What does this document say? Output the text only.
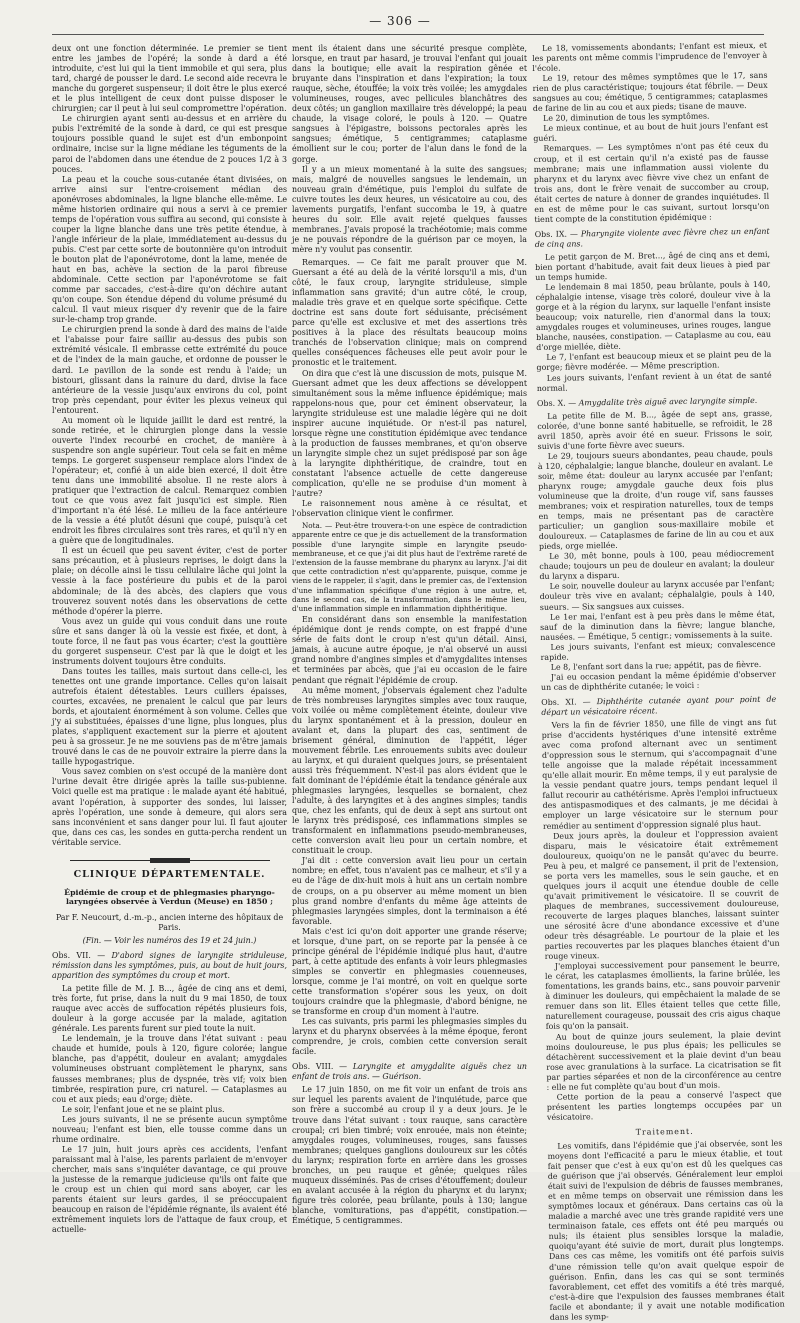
— 306 —

deux ont une fonction déterminée. Le premier se tient entre les jambes de l'opéré; la sonde à dard a été introduite, c'est lui qui la tient immobile et qui sera, plus tard, chargé de pousser le dard. Le second aide recevra le manche du gorgeret suspenseur; il doit être le plus exercé et le plus intelligent de ceux dont puisse disposer le chirurgien; car il peut à lui seul compromettre l'opération.

Le chirurgien ayant senti au-dessus et en arrière du pubis l'extrémité de la sonde à dard, ce qui est presque toujours possible quand le sujet est d'un embonpoint ordinaire, incise sur la ligne médiane les téguments de la paroi de l'abdomen dans une étendue de 2 pouces 1/2 à 3 pouces.

La peau et la couche sous-cutanée étant divisées, on arrive ainsi sur l'entre-croisement médian des aponévroses abdominales, la ligne blanche elle-même. Le même historien ordinaire qui nous a servi à ce premier temps de l'opération vous suffira au second, qui consiste à couper la ligne blanche dans une très petite étendue, à l'angle inférieur de la plaie, immédiatement au-dessus du pubis. C'est par cette sorte de boutonnière qu'on introduit le bouton plat de l'aponévrotome, dont la lame, menée de haut en bas, achève la section de la paroi fibreuse abdominale. Cette section par l'aponévrotome se fait comme par saccades, c'est-à-dire qu'on déchire autant qu'on coupe. Son étendue dépend du volume présumé du calcul. Il vaut mieux risquer d'y revenir que de la faire sur-le-champ trop grande.

Le chirurgien prend la sonde à dard des mains de l'aide et l'abaisse pour faire saillir au-dessus des pubis son extrémité vésicale. Il embrasse cette extrémité du pouce et de l'index de la main gauche, et ordonne de pousser le dard. Le pavillon de la sonde est rendu à l'aide; un bistouri, glissant dans la rainure du dard, divise la face antérieure de la vessie jusqu'aux environs du col, point trop près cependant, pour éviter les plexus veineux qui l'entourent.

Au moment où le liquide jaillit le dard est rentré, la sonde retirée, et le chirurgien plonge dans la vessie ouverte l'index recourbé en crochet, de manière à suspendre son angle supérieur. Tout cela se fait en même temps. Le gorgeret suspenseur remplace alors l'index de l'opérateur; et, confié à un aide bien exercé, il doit être tenu dans une immobilité absolue. Il ne reste alors à pratiquer que l'extraction de calcul. Remarquez combien tout ce que vous avez fait jusqu'ici est simple. Rien d'important n'a été lésé. Le milieu de la face antérieure de la vessie a été plutôt désuni que coupé, puisqu'à cet endroit les fibres circulaires sont très rares, et qu'il n'y en a guère que de longitudinales.

Il est un écueil que peu savent éviter, c'est de porter sans précaution, et à plusieurs reprises, le doigt dans la plaie; on décolle ainsi le tissu cellulaire lâche qui joint la vessie à la face postérieure du pubis et de la paroi abdominale; de là des abcès, des clapiers que vous trouverez souvent notés dans les observations de cette méthode d'opérer la pierre.

Vous avez un guide qui vous conduit dans une route sûre et sans danger là où la vessie est fixée, et dont, à toute force, il ne faut pas vous écarter; c'est la gouttière du gorgeret suspenseur. C'est par là que le doigt et les instruments doivent toujours être conduits.

Dans toutes les tailles, mais surtout dans celle-ci, les tenettes ont une grande importance. Celles qu'on laisait autrefois étaient détestables. Leurs cuillers épaisses, courtes, excavées, ne prenaient le calcul que par leurs bords, et ajoutaient énormément à son volume. Celles que j'y ai substituées, épaisses d'une ligne, plus longues, plus plates, s'appliquent exactement sur la pierre et ajoutent peu à sa grosseur. Je ne me souviens pas de m'être jamais trouvé dans le cas de ne pouvoir extraire la pierre dans la taille hypogastrique.

Vous savez combien on s'est occupé de la manière dont l'urine devait être dirigée après la taille sus-pubienne. Voici quelle est ma pratique : le malade ayant été habitué, avant l'opération, à supporter des sondes, lui laisser, après l'opération, une sonde à demeure, qui alors sera sans inconvénient et sans danger pour lui. Il faut ajouter que, dans ces cas, les sondes en gutta-percha rendent un véritable service.

CLINIQUE DÉPARTEMENTALE.
Épidémie de croup et de phlegmasies pharyngo-laryngées observée à Verdun (Meuse) en 1850 ;
Par F. Neucourt, d.-m.-p., ancien interne des hôpitaux de Paris.
(Fin. — Voir les numéros des 19 et 24 juin.)

Obs. VII. — D'abord signes de laryngite striduleuse, rémission dans les symptômes, puis, au bout de huit jours, apparition des symptômes du croup et mort.

La petite fille de M. J. B..., âgée de cinq ans et demi, très forte, fut prise, dans la nuit du 9 mai 1850, de toux rauque avec accès de suffocation répétés plusieurs fois, douleur à la gorge accusée par la malade, agitation générale. Les parents furent sur pied toute la nuit.

Le lendemain, je la trouve dans l'état suivant : peau chaude et humide, pouls à 120, figure colorée; langue blanche, pas d'appétit, douleur en avalant; amygdales volumineuses obstruant complètement le pharynx, sans fausses membranes; plus de dyspnée, très vif; voix bien timbrée, respiration pure, cri naturel. — Cataplasmes au cou et aux pieds; eau d'orge; diète.

Le soir, l'enfant joue et ne se plaint plus.

Les jours suivants, il ne se présente aucun symptôme nouveau; l'enfant est bien, elle tousse comme dans un rhume ordinaire.

Le 17 juin, huit jours après ces accidents, l'enfant paraissant mal à l'aise, les parents parlaient de m'envoyer chercher, mais sans s'inquiéter davantage, ce qui prouve la justesse de la remarque judicieuse qu'ils ont faite que le croup est un chien qui mord sans aboyer, car les parents étaient sur leurs gardes, il se préoccupaient beaucoup en raison de l'épidémie régnante, ils avaient été extrêmement inquiets lors de l'attaque de faux croup, et actuelle-

ment ils étaient dans une sécurité presque complète, lorsque, en traut par hasard, je trouvai l'enfant qui jouait dans la boutique; elle avait la respiration gênée et bruyante dans l'inspiration et dans l'expiration; la toux rauque, sèche, étouffée; la voix très voilée; les amygdales volumineuses, rouges, avec pellicules blanchâtres des deux côtés; un ganglion maxillaire très développé; la peau chaude, la visage coloré, le pouls à 120. — Quatre sangsues à l'épigastre, boissons pectorales après les sangsues; émétique, 5 centigrammes; cataplasme émollient sur le cou; porter de l'alun dans le fond de la gorge.

Il y a un mieux momentané à la suite des sangsues; mais, malgré de nouvelles sangsues le lendemain, un nouveau grain d'émétique, puis l'emploi du sulfate de cuivre toutes les deux heures, un vésicatoire au cou, des lavements purgatifs, l'enfant succomba le 19, à quatre heures du soir. Elle avait rejeté quelques fausses membranes. J'avais proposé la trachéotomie; mais comme je ne pouvais répondre de la guérison par ce moyen, la mère n'y voulut pas consentir.

Remarques. — Ce fait me paraît prouver que M. Guersant a été au delà de la vérité lorsqu'il a mis, d'un côté, le faux croup, laryngite striduleuse, simple inflammation sans gravité; d'un autre côté, le croup, maladie très grave et en quelque sorte spécifique. Cette doctrine est sans doute fort séduisante, précisément parce qu'elle est exclusive et met des assertions très positives à la place des résultats beaucoup moins tranchés de l'observation clinique; mais on comprend quelles conséquences fâcheuses elle peut avoir pour le pronostic et le traitement.

On dira que c'est là une discussion de mots, puisque M. Guersant admet que les deux affections se développent simultanément sous la même influence épidémique; mais rappelons-nous que, pour cet éminent observateur, la laryngite striduleuse est une maladie légère qui ne doit inspirer aucune inquiétude. Or n'est-il pas naturel, lorsque règne une constitution épidémique avec tendance à la production de fausses membranes, et qu'on observe un laryngite simple chez un sujet prédisposé par son âge à la laryngite diphthéritique, de craindre, tout en constatant l'absence actuelle de cette dangereuse complication, qu'elle ne se produise d'un moment à l'autre?

Le raisonnement nous amène à ce résultat, et l'observation clinique vient le confirmer.

Nota. — Peut-être trouvera-t-on une espèce de contradiction apparente entre ce que je dis actuellement de la transformation possible d'une laryngite simple en laryngite pseudo-membraneuse, et ce que j'ai dit plus haut de l'extrême rareté de l'extension de la fausse membrane du pharynx au larynx. J'ai dit que cette contradiction n'est qu'apparente, puisque, comme je viens de le rappeler, il s'agit, dans le premier cas, de l'extension d'une inflammation spécifique d'une région à une autre, et, dans le second cas, de la transformation, dans le même lieu, d'une inflammation simple en inflammation diphthéritique.

En considérant dans son ensemble la manifestation épidémique dont je rends compte, on est frappé d'une série de faits dont le croup n'est qu'un détail. Ainsi, jamais, à aucune autre époque, je n'ai observé un aussi grand nombre d'angines simples et d'amygdalites intenses et terminées par abcès, que j'ai eu occasion de le faire pendant que régnait l'épidémie de croup.

Au même moment, j'observais également chez l'adulte de très nombreuses laryngites simples avec toux rauque, voix voilée ou même complètement éteinte, douleur vive du larynx spontanément et à la pression, douleur en avalant et, dans la plupart des cas, sentiment de brisement général, diminution de l'appétit, léger mouvement fébrile. Les enrouements subits avec douleur au larynx, et qui duraient quelques jours, se présentaient aussi très fréquemment. N'est-il pas alors évident que le fait dominant de l'épidémie était la tendance générale aux phlegmasies laryngées, lesquelles se bornaient, chez l'adulte, à des laryngites et à des angines simples; tandis que, chez les enfants, qui de deux à sept ans surtout ont le larynx très prédisposé, ces inflammations simples se transformaient en inflammations pseudo-membraneuses, cette conversion avait lieu pour un certain nombre, et constituait le croup.

J'ai dit : cette conversion avait lieu pour un certain nombre; en effet, tous n'avaient pas ce malheur, et s'il y a eu de l'âge de dix-huit mois à huit ans un certain nombre de croups, on a pu observer au même moment un bien plus grand nombre d'enfants du même âge atteints de phlegmasies laryngées simples, dont la terminaison a été favorable.

Mais c'est ici qu'on doit apporter une grande réserve; et lorsque, d'une part, on se reporte par la pensée à ce principe général de l'épidémie indiqué plus haut, d'autre part, à cette aptitude des enfants à voir leurs phlegmasies simples se convertir en phlegmasies couenneuses, lorsque, comme je l'ai montré, on voit en quelque sorte cette transformation s'opérer sous les yeux, on doit toujours craindre que la phlegmasie, d'abord bénigne, ne se transforme en croup d'un moment à l'autre.

Les cas suivants, pris parmi les phlegmasies simples du larynx et du pharynx observées à la même époque, feront comprendre, je crois, combien cette conversion serait facile.

Obs. VIII. — Laryngite et amygdalite aiguës chez un enfant de trois ans. — Guérison.

Le 17 juin 1850, on me fit voir un enfant de trois ans sur lequel les parents avaient de l'inquiétude, parce que son frère a succombé au croup il y a deux jours. Je le trouve dans l'état suivant : toux rauque, sans caractère croupal; cri bien timbré; voix enrouée, mais non éteinte; amygdales rouges, volumineuses, rouges, sans fausses membranes; quelques ganglions douloureux sur les côtés du larynx; respiration forte en arrière dans les grosses bronches, un peu rauque et gênée; quelques râles muqueux disséminés. Pas de crises d'étouffement; douleur en avalant accusée à la région du pharynx et du larynx; figure très colorée, peau brûlante, pouls à 130; langue blanche, vomiturations, pas d'appétit, constipation.— Émétique, 5 centigrammes.

Le 18, vomissements abondants; l'enfant est mieux, et les parents ont même commis l'imprudence de l'envoyer à l'école.

Le 19, retour des mêmes symptômes que le 17, sans rien de plus caractéristique; toujours état fébrile. — Deux sangsues au cou; émétique, 5 centigrammes; cataplasmes de farine de lin au cou et aux pieds; tisane de mauve.

Le 20, diminution de tous les symptômes.

Le mieux continue, et au bout de huit jours l'enfant est guéri.

Remarques. — Les symptômes n'ont pas été ceux du croup, et il est certain qu'il n'a existé pas de fausse membrane; mais une inflammation aussi violente du pharynx et du larynx avec fièvre vive chez un enfant de trois ans, dont le frère venait de succomber au croup, était certes de nature à donner de grandes inquiétudes. Il en est de même pour le cas suivant, surtout lorsqu'on tient compte de la constitution épidémique :

Obs. IX. — Pharyngite violente avec fièvre chez un enfant de cinq ans.

Le petit garçon de M. Bret..., âgé de cinq ans et demi, bien portant d'habitude, avait fait deux lieues à pied par un temps humide.

Le lendemain 8 mai 1850, peau brûlante, pouls à 140, céphalalgie intense, visage très coloré, douleur vive à la gorge et à la région du larynx, sur laquelle l'enfant insiste beaucoup; voix naturelle, rien d'anormal dans la toux; amygdales rouges et volumineuses, urines rouges, langue blanche, nausées, constipation. — Cataplasme au cou, eau d'orge miellée, diète.

Le 7, l'enfant est beaucoup mieux et se plaint peu de la gorge; fièvre modérée. — Même prescription.

Les jours suivants, l'enfant revient à un état de santé normal.

Obs. X. — Amygdalite très aiguë avec laryngite simple.

La petite fille de M. B..., âgée de sept ans, grasse, colorée, d'une bonne santé habituelle, se refroidit, le 28 avril 1850, après avoir été en sueur. Frissons le soir, suivis d'une forte fièvre avec sueurs.

Le 29, toujours sueurs abondantes, peau chaude, pouls à 120, céphalalgie; langue blanche, douleur en avalant. Le soir, même état: douleur au larynx accusée par l'enfant; pharynx rouge; amygdale gauche deux fois plus volumineuse que la droite, d'un rouge vif, sans fausses membranes; voix et respiration naturelles, toux de temps en temps, mais ne présentant pas de caractère particulier; un ganglion sous-maxillaire mobile et douloureux. — Cataplasmes de farine de lin au cou et aux pieds, orge miellée.

Le 30, mêt bonne, pouls à 100, peau médiocrement chaude; toujours un peu de douleur en avalant; la douleur du larynx a disparu.

Le soir, nouvelle douleur au larynx accusée par l'enfant; douleur très vive en avalant; céphalalgie, pouls à 140, sueurs. — Six sangsues aux cuisses.

Le 1er mai, l'enfant est à peu près dans le même état, sauf de la diminution dans la fièvre; langue blanche, nausées. — Émétique, 5 centigr.; vomissements à la suite.

Les jours suivants, l'enfant est mieux; convalescence rapide.

Le 8, l'enfant sort dans la rue; appétit, pas de fièvre.

J'ai eu occasion pendant la même épidémie d'observer un cas de diphthérite cutanée; le voici :

Obs. XI. — Diphthérite cutanée ayant pour point de départ un vésicatoire récent.

Vers la fin de février 1850, une fille de vingt ans fut prise d'accidents hystériques d'une intensité extrême avec coma profond alternant avec un sentiment d'oppression sous le sternum, qui s'accompagnait d'une telle angoisse que la malade répétait incessamment qu'elle allait mourir. En même temps, il y eut paralysie de la vessie pendant quatre jours, temps pendant lequel il fallut recourir au cathétérisme. Après l'emploi infructueux des antispasmodiques et des calmants, je me décidai à employer un large vésicatoire sur le sternum pour remédier au sentiment d'oppression signalé plus haut.

Deux jours après, la douleur et l'oppression avaient disparu, mais le vésicatoire était extrêmement douloureux, quoiqu'on ne le pansât qu'avec du beurre. Peu à peu, et malgré ce pansement, il prit de l'extension, se porta vers les mamelles, sous le sein gauche, et en quelques jours il acquit une étendue double de celle qu'avait primitivement le vésicatoire. Il se couvrit de plaques de membranes, successivement douloureuse, recouverte de larges plaques blanches, laissant suinter une sérosité âcre d'une abondance excessive et d'une odeur très désagréable. Le pourtour de la plaie et les parties recouvertes par les plaques blanches étaient d'un rouge vineux.

J'employai successivement pour pansement le beurre, le cérat, les cataplasmes émollients, la farine brûlée, les fomentations, les grands bains, etc., sans pouvoir parvenir à diminuer les douleurs, qui empêchaient la malade de se remuer dans son lit. Elles étaient telles que cette fille, naturellement courageuse, poussait des cris aigus chaque fois qu'on la pansait.

Au bout de quinze jours seulement, la plaie devint moins douloureuse, le pus plus épais; les pellicules se détachèrent successivement et la plaie devint d'un beau rose avec granulations à la surface. La cicatrisation se fit par parties séparées et non de la circonférence au centre : elle ne fut complète qu'au bout d'un mois.

Cette portion de la peau a conservé l'aspect que présentent les parties longtemps occupées par un vésicatoire.

Traitement.

Les vomitifs, dans l'épidémie que j'ai observée, sont les moyens dont l'efficacité a paru le mieux établie, et tout fait penser que c'est à eux qu'on est dû les quelques cas de guérison que j'ai observés. Généralement leur emploi était suivi de l'expulsion de débris de fausses membranes, et en même temps on observait une rémission dans les symptômes locaux et généraux. Dans certains cas où la maladie a marché avec une très grande rapidité vers une terminaison fatale, ces effets ont été peu marqués ou nuls; ils étaient plus sensibles lorsque la maladie, quoiqu'ayant été suivie de mort, durait plus longtemps. Dans ces cas même, les vomitifs ont été parfois suivis d'une rémission telle qu'on avait quelque espoir de guérison. Enfin, dans les cas qui se sont terminés favorablement, cet effet des vomitifs a été très marqué, c'est-à-dire que l'expulsion des fausses membranes était facile et abondante; il y avait une notable modification dans les symp-
